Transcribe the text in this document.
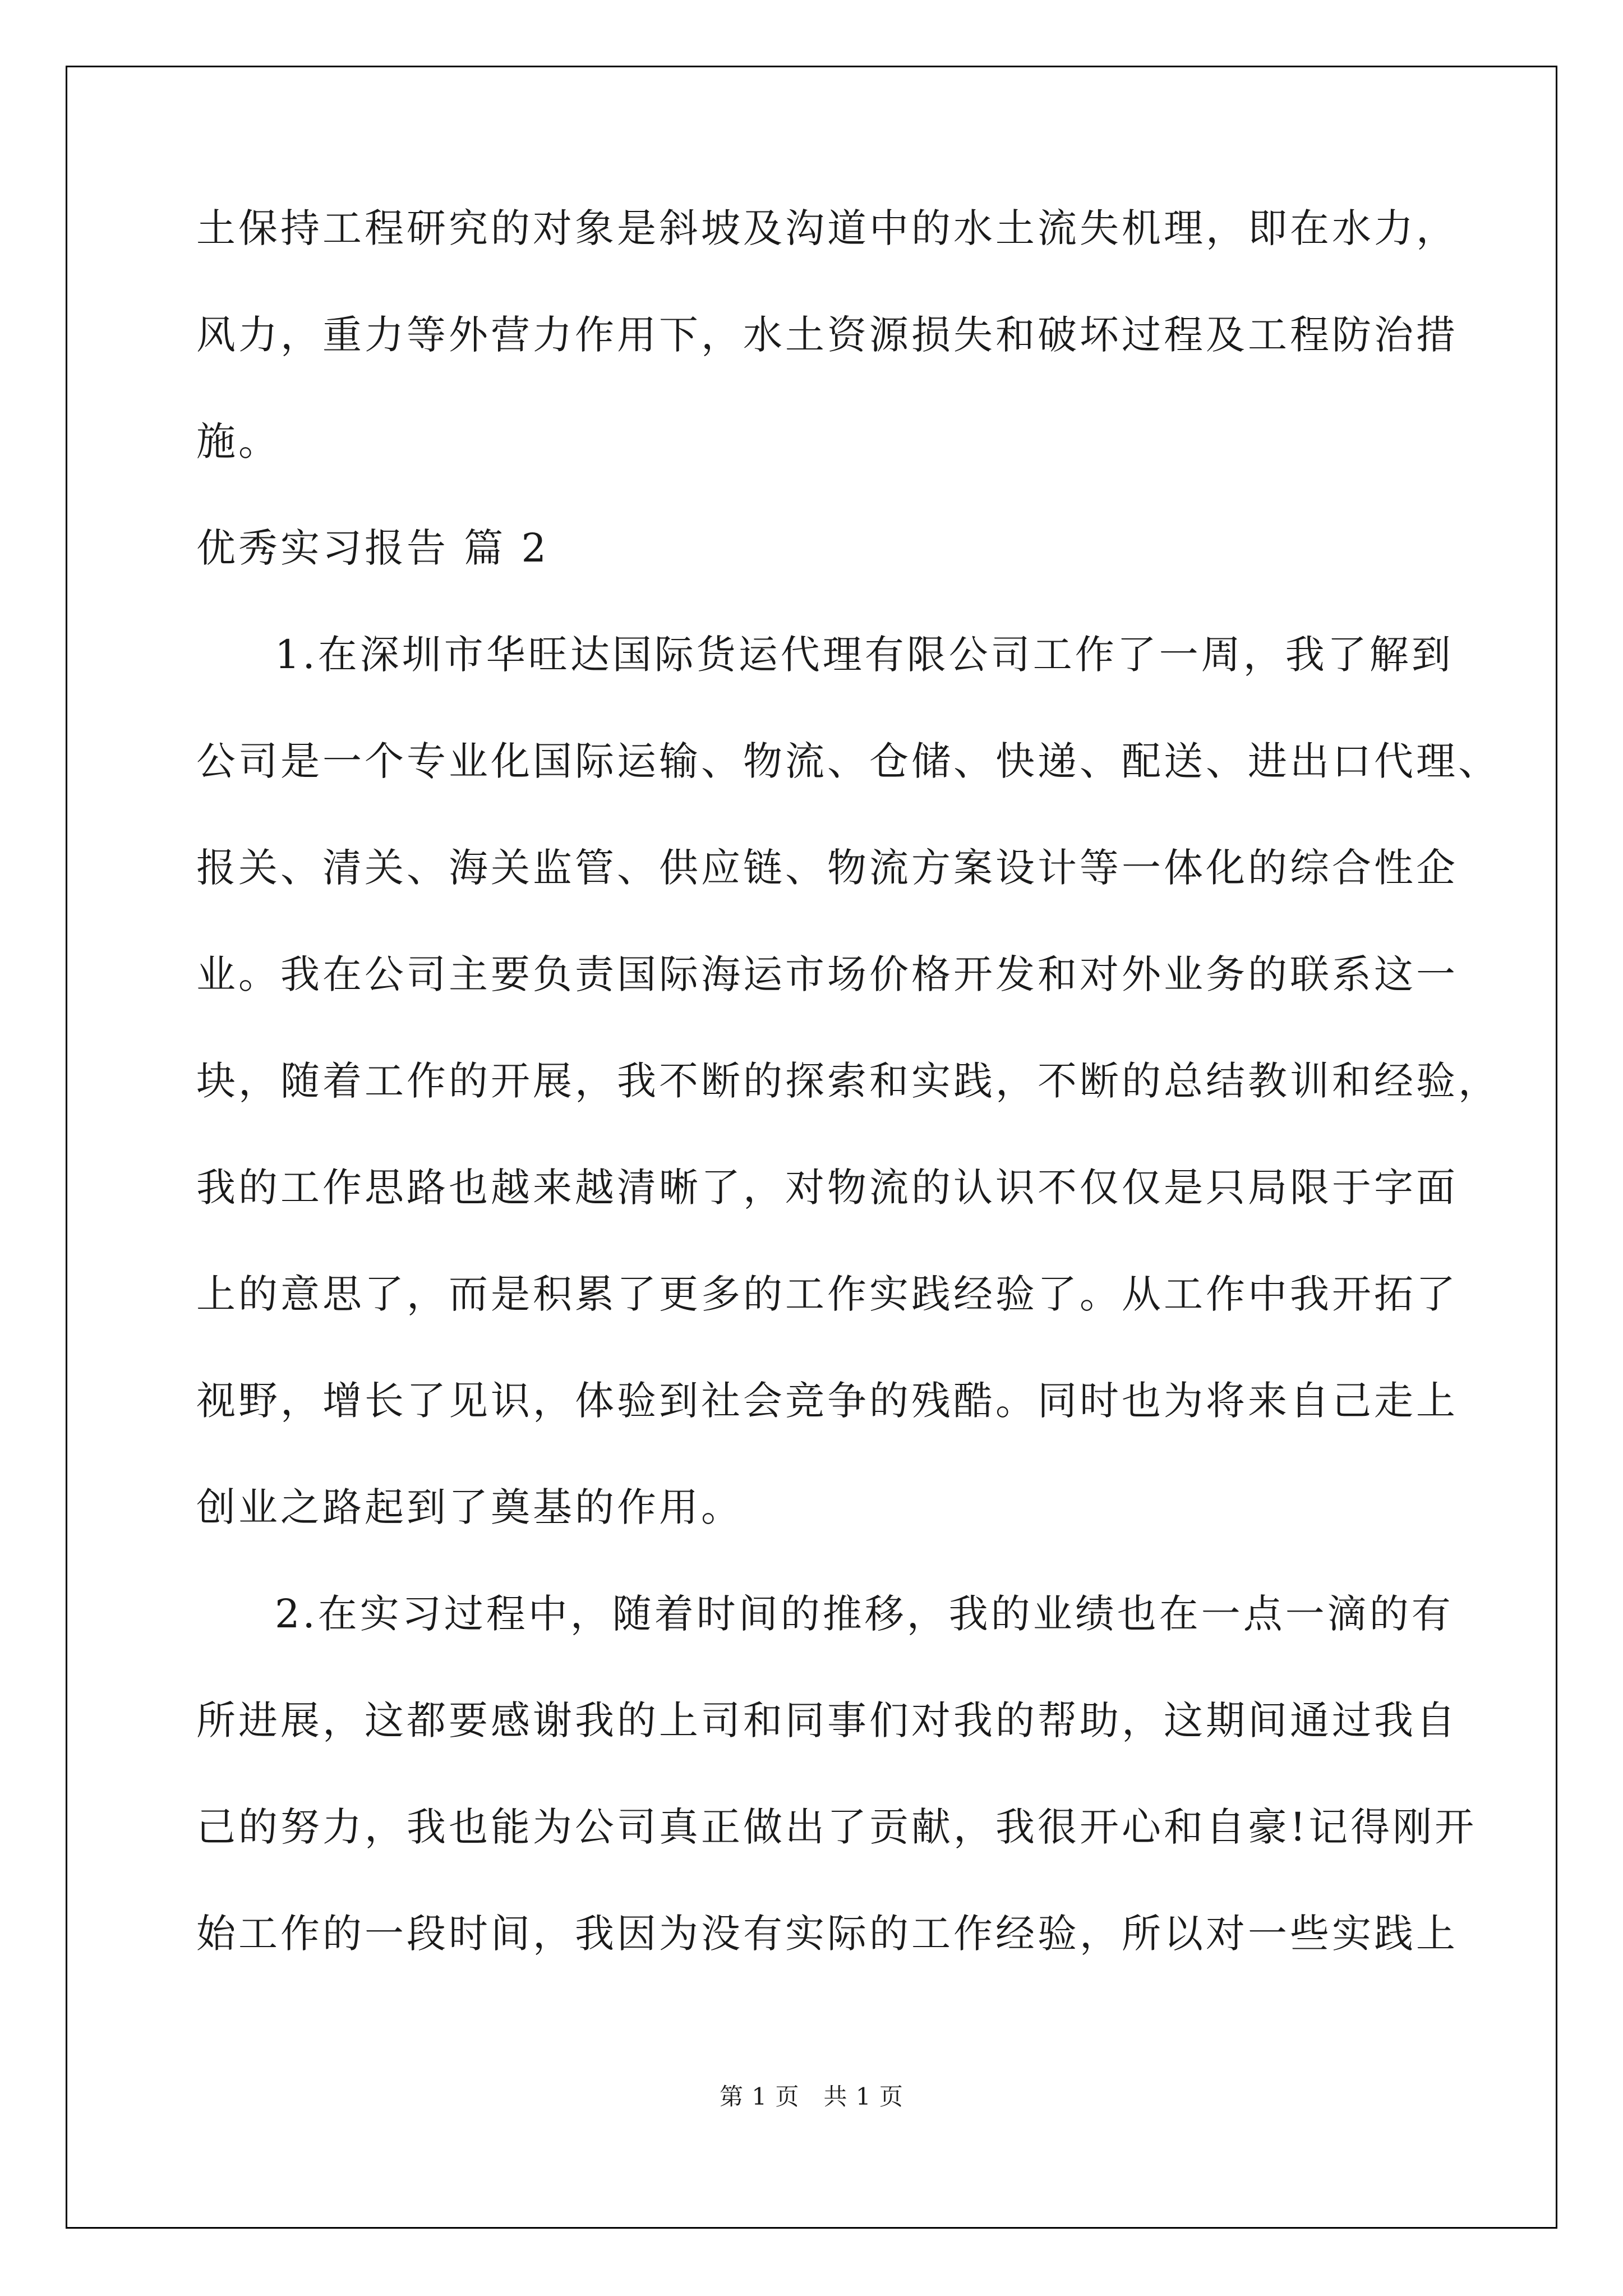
土保持工程研究的对象是斜坡及沟道中的水土流失机理，即在水力，
风力，重力等外营力作用下，水土资源损失和破坏过程及工程防治措
施。
优秀实习报告 篇 2
1.在深圳市华旺达国际货运代理有限公司工作了一周，我了解到
公司是一个专业化国际运输、物流、仓储、快递、配送、进出口代理、
报关、清关、海关监管、供应链、物流方案设计等一体化的综合性企
业。我在公司主要负责国际海运市场价格开发和对外业务的联系这一
块，随着工作的开展，我不断的探索和实践，不断的总结教训和经验，
我的工作思路也越来越清晰了，对物流的认识不仅仅是只局限于字面
上的意思了，而是积累了更多的工作实践经验了。从工作中我开拓了
视野，增长了见识，体验到社会竞争的残酷。同时也为将来自己走上
创业之路起到了奠基的作用。
2.在实习过程中，随着时间的推移，我的业绩也在一点一滴的有
所进展，这都要感谢我的上司和同事们对我的帮助，这期间通过我自
己的努力，我也能为公司真正做出了贡献，我很开心和自豪!记得刚开
始工作的一段时间，我因为没有实际的工作经验，所以对一些实践上
第 1 页　共 1 页
